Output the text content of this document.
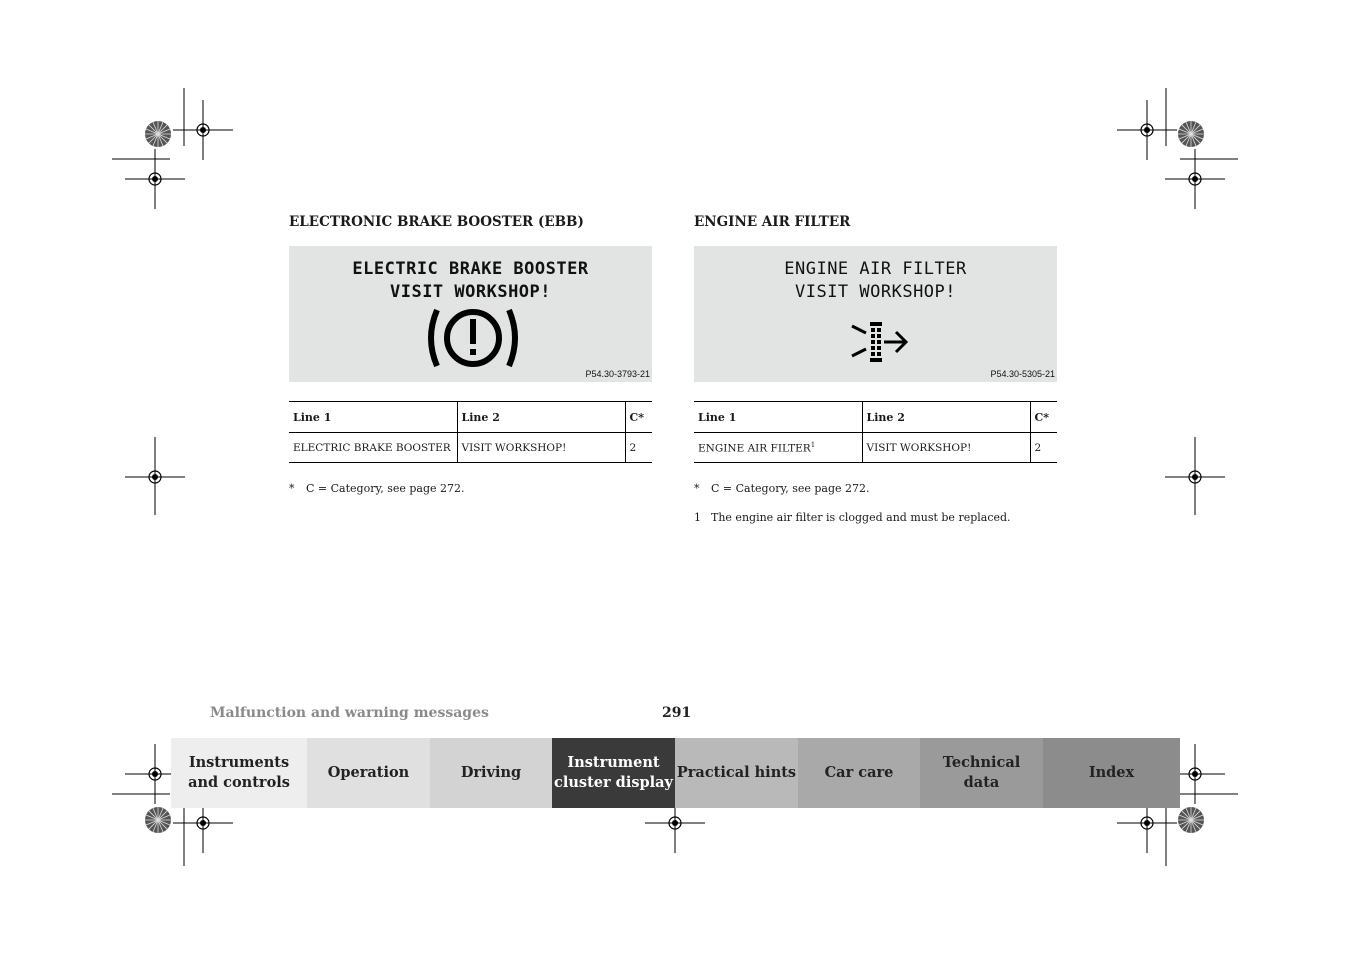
ELECTRONIC BRAKE BOOSTER (EBB)
ELECTRIC BRAKE BOOSTER
VISIT WORKSHOP!
P54.30-3793-21
Line 1	Line 2	C*
ELECTRIC BRAKE BOOSTER	VISIT WORKSHOP!	2
* C = Category, see page 272.
ENGINE AIR FILTER
ENGINE AIR FILTER
VISIT WORKSHOP!
P54.30-5305-21
Line 1	Line 2	C*
ENGINE AIR FILTER$^1$	VISIT WORKSHOP!	2
* C = Category, see page 272.
1 The engine air filter is clogged and must be replaced.
Malfunction and warning messages	291
Instruments
and controls
Operation	Driving
Instrument
cluster display
Practical hints Car care
Technical
data
Index
